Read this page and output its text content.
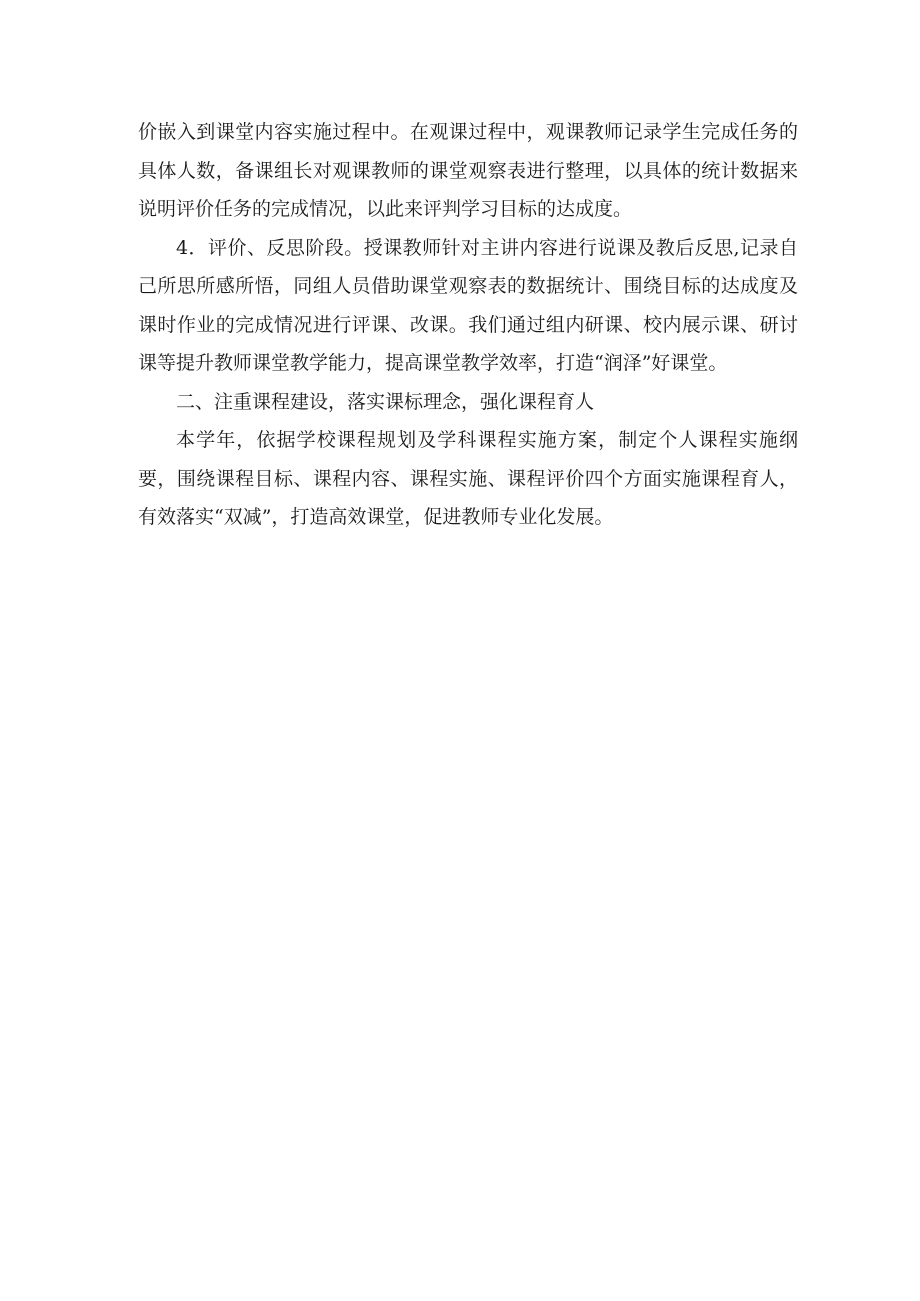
价嵌入到课堂内容实施过程中。在观课过程中，观课教师记录学生完成任务的具体人数，备课组长对观课教师的课堂观察表进行整理，以具体的统计数据来说明评价任务的完成情况，以此来评判学习目标的达成度。

4．评价、反思阶段。授课教师针对主讲内容进行说课及教后反思,记录自己所思所感所悟，同组人员借助课堂观察表的数据统计、围绕目标的达成度及课时作业的完成情况进行评课、改课。我们通过组内研课、校内展示课、研讨课等提升教师课堂教学能力，提高课堂教学效率，打造“润泽”好课堂。

二、注重课程建设，落实课标理念，强化课程育人

本学年，依据学校课程规划及学科课程实施方案，制定个人课程实施纲要，围绕课程目标、课程内容、课程实施、课程评价四个方面实施课程育人，有效落实“双减”，打造高效课堂，促进教师专业化发展。
